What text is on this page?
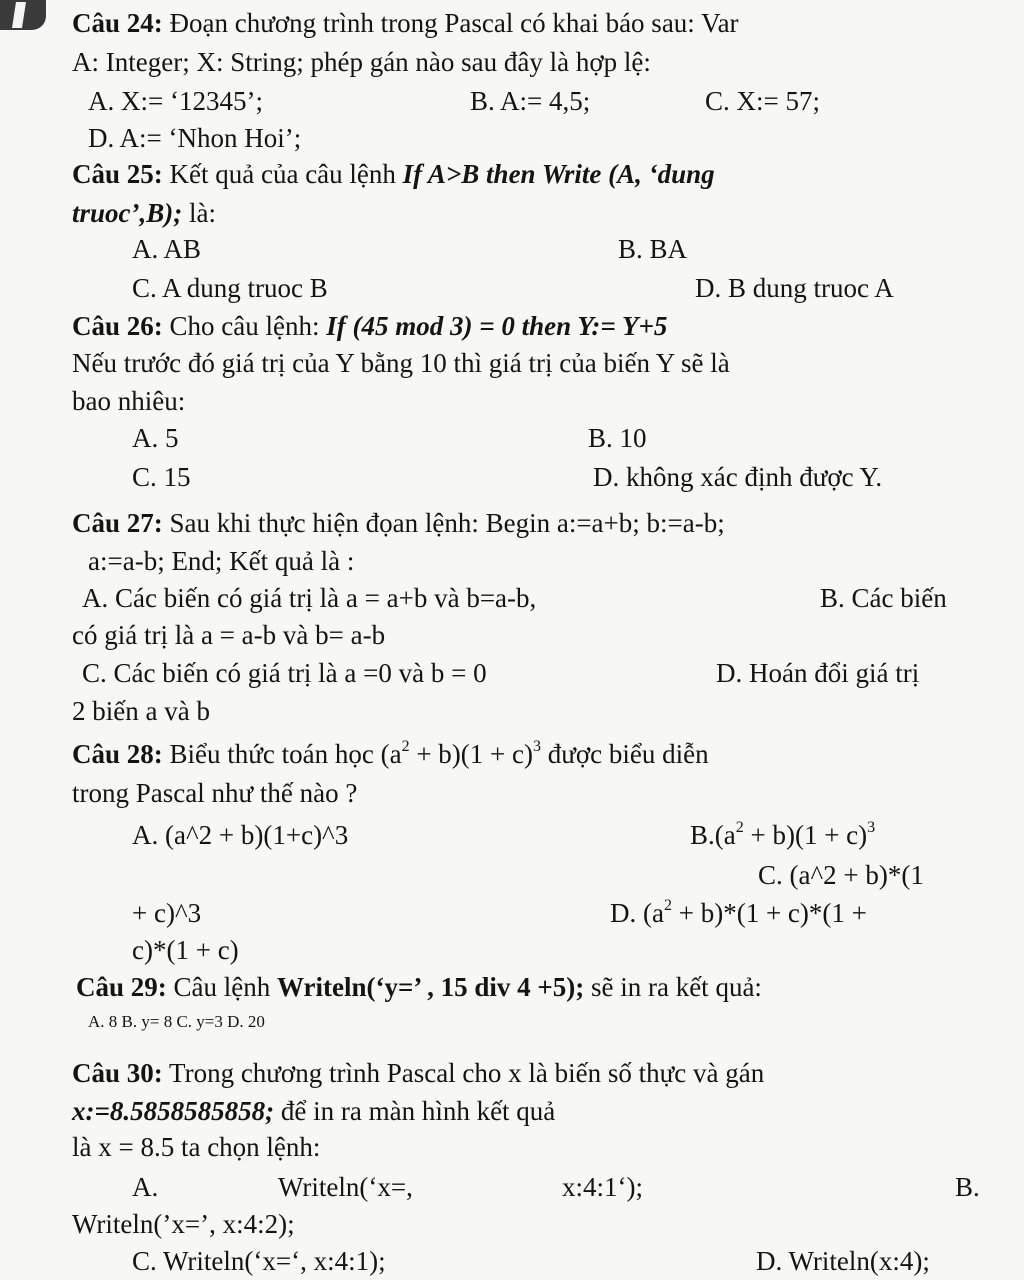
Câu 24: Đoạn chương trình trong Pascal có khai báo sau: Var
A: Integer; X: String; phép gán nào sau đây là hợp lệ:
A. X:= ‘12345’;	B. A:= 4,5;	C. X:= 57;
D. A:= ‘Nhon Hoi’;
Câu 25: Kết quả của câu lệnh If A>B then Write (A, ‘dung
truoc’,B); là:
A. AB	B. BA
C. A dung truoc B	D. B dung truoc A
Câu 26: Cho câu lệnh: If (45 mod 3) = 0 then Y:= Y+5
Nếu trước đó giá trị của Y bằng 10 thì giá trị của biến Y sẽ là
bao nhiêu:
A. 5	B. 10
C. 15	D. không xác định được Y.
Câu 27: Sau khi thực hiện đọan lệnh: Begin a:=a+b; b:=a-b;
a:=a-b; End; Kết quả là :
A. Các biến có giá trị là a = a+b và b=a-b,	B. Các biến
có giá trị là a = a-b và b= a-b
C. Các biến có giá trị là a =0 và b = 0	D. Hoán đổi giá trị
2 biến a và b
Câu 28: Biểu thức toán học $(a^2 + b)(1 + c)^3$ được biểu diễn
trong Pascal như thế nào ?
A. (a^2 + b)(1+c)^3	$B.(a^2 + b)(1 + c)^3$
C. (a^2 + b)*(1
+ c)^3	D. $(a^2 + b)*(1 + c)*(1$ +
c)*(1 + c)
Câu 29: Câu lệnh Writeln(‘y=’ , 15 div 4 +5); sẽ in ra kết quả:
A. 8 B. y= 8 C. y=3 D. 20
Câu 30: Trong chương trình Pascal cho x là biến số thực và gán
x:=8.5858585858; để in ra màn hình kết quả
là x = 8.5 ta chọn lệnh:
A.	Writeln(‘x=,	x:4:1‘);	B.
Writeln(’x=’, x:4:2);
C. Writeln(‘x=‘, x:4:1);	D. Writeln(x:4);
